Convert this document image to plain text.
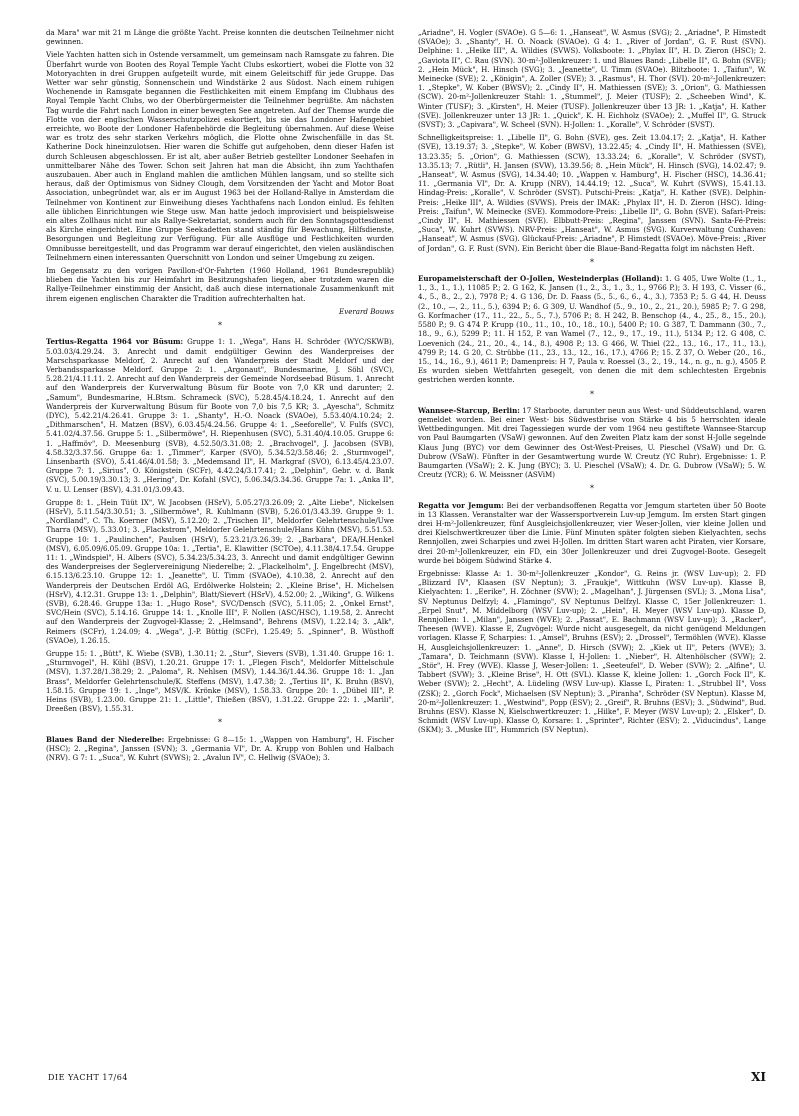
da Mara" war mit 21 m Länge die größte Yacht. Preise konnten die deutschen Teilnehmer nicht gewinnen.

Viele Yachten hatten sich in Ostende versammelt, um gemeinsam nach Ramsgate zu fahren. Die Überfahrt wurde von Booten des Royal Temple Yacht Clubs eskortiert, wobei die Flotte von 32 Motoryachten in drei Gruppen aufgeteilt wurde, mit einem Geleitschiff für jede Gruppe. Das Wetter war sehr günstig, Sonnenschein und Windstärke 2 aus Südost. Nach einem ruhigen Wochenende in Ramsgate begannen die Festlichkeiten mit einem Empfang im Clubhaus des Royal Temple Yacht Clubs, wo der Oberbürgermeister die Teilnehmer begrüßte. Am nächsten Tag wurde die Fahrt nach London in einer bewegten See angetreten. Auf der Themse wurde die Flotte von der englischen Wasserschutzpolizei eskortiert, bis sie das Londoner Hafengebiet erreichte, wo Boote der Londoner Hafenbehörde die Begleitung übernahmen. Auf diese Weise war es trotz des sehr starken Verkehrs möglich, die Flotte ohne Zwischenfälle in das St. Katherine Dock hineinzulotsen. Hier waren die Schiffe gut aufgehoben, denn dieser Hafen ist durch Schleusen abgeschlossen. Er ist alt, aber außer Betrieb gestellter Londoner Seehafen in unmittelbarer Nähe des Tower. Schon seit Jahren hat man die Absicht, ihn zum Yachthafen auszubauen. Aber auch in England mahlen die amtlichen Mühlen langsam, und so stellte sich heraus, daß der Optimismus von Sidney Clough, dem Vorsitzenden der Yacht and Motor Boat Association, unbegründet war, als er im August 1963 bei der Holland-Rallye in Amsterdam die Teilnehmer von Kontinent zur Einweihung dieses Yachthafens nach London einlud. Es fehlten alle üblichen Einrichtungen wie Stege usw. Man hatte jedoch improvisiert und beispielsweise ein altes Zollhaus nicht nur als Rallye-Sekretariat, sondern auch für den Sonntagsgottesdienst als Kirche eingerichtet. Eine Gruppe Seekadetten stand ständig für Bewachung, Hilfsdienste, Besorgungen und Begleitung zur Verfügung. Für alle Ausflüge und Festlichkeiten wurden Omnibusse bereitgestellt, und das Programm war derauf eingerichtet, den vielen ausländischen Teilnehmern einen interessanten Querschnitt von London und seiner Umgebung zu zeigen.

Im Gegensatz zu den vorigen Pavillon-d'Or-Fahrten (1960 Holland, 1961 Bundesrepublik) blieben die Yachten bis zur Heimfahrt im Besitzungshafen liegen, aber trotzdem waren die Rallye-Teilnehmer einstimmig der Ansicht, daß auch diese internationale Zusammenkunft mit ihrem eigenen englischen Charakter die Tradition aufrechterhalten hat.

Everard Bouws

*

Tertius-Regatta 1964 vor Büsum: Gruppe 1: 1. „Wega", Hans H. Schröder (WYC/SKWB), 5.03.03/4.29.24. 3. Anrecht und damit endgültiger Gewinn des Wanderpreises der Marschsparkasse Meldorf, 2. Anrecht auf den Wanderpreis der Stadt Meldorf und der Verbandssparkasse Meldorf. Gruppe 2: 1. „Argonaut", Bundesmarine, J. Söhl (SVC), 5.28.21/4.11.11. 2. Anrecht auf den Wanderpreis der Gemeinde Nordseebad Büsum. 1. Anrecht auf den Wanderpreis der Kurverwaltung Büsum für Boote von 7,0 KR und darunter; 2. „Samum", Bundesmarine, H.Btsm. Schrameck (SVC), 5.28.45/4.18.24, 1. Anrecht auf den Wanderpreis der Kurverwaltung Büsum für Boote von 7,0 bis 7,5 KR; 3. „Ayescha", Schmitz (DYC), 5.42.21/4.26.41. Gruppe 3: 1. „Shanty", H.-O. Noack (SVAOe), 5.53.40/4.10.24; 2. „Dithmarschen", H. Matzen (BSV), 6.03.45/4.24.56. Gruppe 4: 1. „Seeforelle", V. Fulfs (SVC), 5.41.02/4.37.56. Gruppe 5: 1. „Silbermöwe", H. Riepenhusen (SVC), 5.31.40/4.10.05. Gruppe 6: 1. „Haffmöv", D. Meesenburg (SVB), 4.52.50/3.31.08; 2. „Brachvogel", J. Jacobsen (SVB), 4.58.32/3.37.56. Gruppe 6a: 1. „Timmer", Karper (SVO), 5.34.52/3.58.46; 2. „Sturmvogel", Linsenbarth (SVO), 5.41.46/4.01.58; 3. „Medemsand II", H. Markgraf (SVO), 6.13.45/4.23.07. Gruppe 7: 1. „Sirius", O. Königstein (SCFr), 4.42.24/3.17.41; 2. „Delphin", Gebr. v. d. Bank (SVC), 5.00.19/3.30.13; 3. „Hering", Dr. Kofahl (SVC), 5.06.34/3.34.36. Gruppe 7a: 1. „Anka II", V. u. U. Lenser (BSV), 4.31.01/3.09.43.

Gruppe 8: 1. „Hein Tüüt IX", W. Jacobsen (HSrV), 5.05.27/3.26.09; 2. „Alte Liebe", Nickelsen (HSrV), 5.11.54/3.30.51; 3. „Silbermöwe", R. Kuhlmann (SVB), 5.26.01/3.43.39. Gruppe 9: 1. „Nordland", C. Th. Koerner (MSV), 5.12.20; 2. „Trischen II", Meldorfer Gelehrtenschule/Uwe Tharra (MSV), 5.33.01; 3. „Flackstrom", Meldorfer Gelehrtenschule/Hans Kühn (MSV), 5.51.53. Gruppe 10: 1. „Paulinchen", Paulsen (HSrV), 5.23.21/3.26.39; 2. „Barbara", DEA/H.Henkel (MSV), 6.05.09/6.05.09. Gruppe 10a: 1. „Tertia", E. Klawitter (SCTOe), 4.11.38/4.17.54. Gruppe 11: 1. „Windspiel", H. Albers (SVC), 5.34.23/5.34.23, 3. Anrecht und damit endgültiger Gewinn des Wanderpreises der Seglervereinigung Niederelbe; 2. „Flackelholm", J. Engelbrecht (MSV), 6.15.13/6.23.10. Gruppe 12: 1. „Jeanette", U. Timm (SVAOe), 4.10.38, 2. Anrecht auf den Wanderpreis der Deutschen Erdöl AG, Erdölwerke Holstein; 2. „Kleine Brise", H. Michelsen (HSrV), 4.12.31. Gruppe 13: 1. „Delphin", Blatt/Sievert (HSrV), 4.52.00; 2. „Wiking", G. Wilkens (SVB), 6.28.46. Gruppe 13a: 1. „Hugo Rose", SVC/Densch (SVC), 5.11.05; 2. „Onkel Ernst", SVC/Hein (SVC), 5.14.16. Gruppe 14: 1. „Knolle III", F. Nollen (ASC/HSC), 1.19.58, 2. Anrecht auf den Wanderpreis der Zugvogel-Klasse; 2. „Helmsand", Behrens (MSV), 1.22.14; 3. „Alk", Reimers (SCFr), 1.24.09; 4. „Wega", J.-P. Büttig (SCFr), 1.25.49; 5. „Spinner", B. Wüsthoff (SVAOe), 1.26.15.

Gruppe 15: 1. „Bütt", K. Wiebe (SVB), 1.30.11; 2. „Stur", Sievers (SVB), 1.31.40. Gruppe 16: 1. „Sturmvogel", H. Kühl (BSV), 1.20.21. Gruppe 17: 1. „Flegen Fisch", Meldorfer Mittelschule (MSV), 1.37.28/1.38.29; 2. „Paloma", R. Nehlsen (MSV), 1.44.36/1.44.36. Gruppe 18: 1. „Jan Brass", Meldorfer Gelehrtenschule/K. Steffens (MSV), 1.47.38; 2. „Tertius II", K. Bruhn (BSV), 1.58.15. Gruppe 19: 1. „Inge", MSV/K. Krönke (MSV), 1.58.33. Gruppe 20: 1. „Dübel III", P. Heins (SVB), 1.23.00. Gruppe 21: 1. „Little", Thießen (BSV), 1.31.22. Gruppe 22: 1. „Marili", Dreeßen (BSV), 1.55.31.

*

Blaues Band der Niederelbe: Ergebnisse: G 8—15: 1. „Wappen von Hamburg", H. Fischer (HSC); 2. „Regina", Janssen (SVN); 3. „Germania VI", Dr. A. Krupp von Bohlen und Halbach (NRV). G 7: 1. „Suca", W. Kuhrt (SVWS); 2. „Avalun IV", C. Hellwig (SVAOe); 3.

„Ariadne", H. Vogler (SVAOe). G 5—6: 1. „Hanseat", W. Asmus (SVG); 2. „Ariadne", P. Himstedt (SVAOe); 3. „Shanty", H. O. Noack (SVAOe). G 4: 1. „River of Jordan", G. F. Rust (SVN). Delphine: 1. „Heike III", A. Wildies (SVWS). Volksboote: 1. „Phylax II", H. D. Zieron (HSC); 2. „Gaviota II", C. Rau (SVN). 30-m²-Jollenkreuzer: 1. und Blaues Band: „Libelle II", G. Bohn (SVE); 2. „Hein Mück", H. Hinsch (SVG); 3. „Jeanette", U. Timm (SVAOe). Blitzboote: 1. „Taifun", W. Meinecke (SVE); 2. „Königin", A. Zoller (SVE); 3. „Rasmus", H. Thor (SVI). 20-m²-Jollenkreuzer: 1. „Stepke", W. Kober (BWSV); 2. „Cindy II", H. Mathiessen (SVE); 3. „Orion", G. Mathiessen (SCW). 20-m²-Jollenkreuzer Stahl: 1. „Stummel", J. Meier (TUSF); 2. „Scheeben Wind", K. Winter (TUSF); 3. „Kirsten", H. Meier (TUSF). Jollenkreuzer über 13 JR: 1. „Katja", H. Kather (SVE). Jollenkreuzer unter 13 JR: 1. „Quick", K. H. Eichholz (SVAOe); 2. „Muffel II", G. Struck (SVST); 3. „Capivara", W. Scheel (SVN). H-Jollen: 1. „Koralle", V. Schröder (SVST).

Schnelligkeitspreise: 1. „Libelle II", G. Bohn (SVE), ges. Zeit 13.04.17; 2. „Katja", H. Kather (SVE), 13.19.37; 3. „Stepke", W. Kober (BWSV), 13.22.45; 4. „Cindy II", H. Mathiessen (SVE), 13.23.35; 5. „Orion", G. Mathiessen (SCW), 13.33.24; 6. „Koralle", V. Schröder (SVST), 13.35.13; 7. „Rütli", H. Jansen (SVW), 13.39.56; 8. „Hein Mück", H. Hinsch (SVG), 14.02.47; 9. „Hanseat", W. Asmus (SVG), 14.34.40; 10. „Wappen v. Hamburg", H. Fischer (HSC), 14.36.41; 11. „Germania VI", Dr. A. Krupp (NRV), 14.44.19; 12. „Suca", W. Kuhrt (SVWS), 15.41.13. Hindag-Preis: „Koralle", V. Schröder (SVST). Putschi-Preis: „Katja", H. Kather (SVE). Delphin-Preis: „Heike III", A. Wildies (SVWS). Preis der IMAK: „Phylax II", H. D. Zieron (HSC). Iding-Preis: „Taifun", W. Meinecke (SVE). Kommodore-Preis: „Libelle II", G. Bohn (SVE). Safari-Preis: „Cindy II", H. Mathiessen (SVE). Elbbutt-Preis: „Regina", Janssen (SVN). Santa-Fé-Preis: „Suca", W. Kuhrt (SVWS). NRV-Preis: „Hanseat", W. Asmus (SVG). Kurverwaltung Cuxhaven: „Hanseat", W. Asmus (SVG). Glückauf-Preis: „Ariadne", P. Himstedt (SVAOe). Möve-Preis: „River of Jordan", G. F. Rust (SVN). Ein Bericht über die Blaue-Band-Regatta folgt im nächsten Heft.

*

Europameisterschaft der O-Jollen, Westeinderplas (Holland): 1. G 405, Uwe Wolte (1., 1., 1., 3., 1., 1.), 11085 P.; 2. G 162, K. Jansen (1., 2., 3., 1., 3., 1., 9766 P.); 3. H 193, C. Visser (6., 4., 5., 8., 2., 2.), 7978 P.; 4. G 136, Dr. D. Faass (5., 5., 6., 6., 4., 3.), 7353 P.; 5. G 44, H. Deuss (2., 10., —, 2., 11., 5.), 6394 P.; 6. G 309, U. Wandhof (5., 9., 10., 2., 21., 20.), 5985 P.; 7. G 298, G. Korfmacher (17., 11., 22., 5., 5., 7.), 5706 P.; 8. H 242, B. Benschop (4., 4., 25., 8., 15., 20.), 5580 P.; 9. G 474 P. Krupp (10., 11., 10., 10., 18., 10.), 5400 P.; 10. G 387, T. Dammann (30., 7., 18., 9., 6.), 5299 P.; 11. H 152, P. van Wamel (7., 12., 9., 17., 19., 11.), 5134 P.; 12. G 408, C. Loevenich (24., 21., 20., 4., 14., 8.), 4908 P.; 13. G 466, W. Thiel (22., 13., 16., 17., 11., 13.), 4799 P.; 14. G 20, C. Strübbe (11., 23., 13., 12., 16., 17.), 4766 P.; 15. Z 37, O. Weber (20., 16., 15., 14., 16., 9.), 4611 P.; Damenpreis: H 7, Paula v. Roessel (3., 2., 19., 14., n. g., n. g.), 4505 P. Es wurden sieben Wettfahrten gesegelt, von denen die mit dem schlechtesten Ergebnis gestrichen werden konnte.

*

Wannsee-Starcup, Berlin: 17 Starboote, darunter neun aus West- und Süddeutschland, waren gemeldet worden. Bei einer West- bis Südwestbrise von Stärke 4 bis 5 herrschten ideale Wettbedingungen. Mit drei Tagessiegen wurde der vom 1964 neu gestiftete Wannsee-Starcup von Paul Baumgarten (VSaW) gewonnen. Auf den Zweiten Platz kam der sonst H-Jolle segelnde Klaus Jung (BYC) vor dem Gewinner des Ost-West-Preises, U. Pieschel (VSaW) und Dr. G. Dubrow (VSaW). Fünfter in der Gesamtwertung wurde W. Creutz (YC Ruhr). Ergebnisse: 1. P. Baumgarten (VSaW); 2. K. Jung (BYC); 3. U. Pieschel (VSaW); 4. Dr. G. Dubrow (VSaW); 5. W. Creutz (YCR); 6. W. Meissner (ASViM)

*

Regatta vor Jemgum: Bei der verbandsoffenen Regatta vor Jemgum starteten über 50 Boote in 13 Klassen. Veranstalter war der Wassersportverein Luv-up Jemgum. Im ersten Start gingen drei H-m²-Jollenkreuzer, fünf Ausgleichsjollenkreuzer, vier Weser-Jollen, vier kleine Jollen und drei Kielschwertkreuzer über die Linie. Fünf Minuten später folgten sieben Kielyachten, sechs Rennjollen, zwei Scharpies und zwei H-Jollen. Im dritten Start waren acht Piraten, vier Korsare, drei 20-m²-Jollenkreuzer, ein FD, ein 30er Jollenkreuzer und drei Zugvogel-Boote. Gesegelt wurde bei böigem Südwind Stärke 4.

Ergebnisse: Klasse A: 1. 30-m²-Jollenkreuzer „Kondor", G. Reins jr. (WSV Luv-up); 2. FD „Blizzard IV", Klaasen (SV Neptun); 3. „Fraukje", Wittkuhn (WSV Luv-up). Klasse B, Kielyachten: 1. „Eerike", H. Zöchner (SVW); 2. „Magelhan", J. Jürgensen (SVL); 3. „Mona Lisa", SV Neptunus Delfzyl; 4. „Flamingo", SV Neptunus Delfzyl. Klasse C, 15er Jollenkreuzer: 1. „Erpel Snut", M. Middelborg (WSV Luv-up); 2. „Hein", H. Meyer (WSV Luv-up). Klasse D, Rennjollen: 1. „Milan", Janssen (WVE); 2. „Passat", E. Bachmann (WSV Luv-up); 3. „Racker", Theesen (WVE). Klasse E, Zugvögel: Wurde nicht ausgesegelt, da nicht genügend Meldungen vorlagen. Klasse F, Scharpies: 1. „Amsel", Bruhns (ESV); 2. „Drossel", Termöhlen (WVE). Klasse H, Ausgleichsjollenkreuzer: 1. „Anne", D. Hirsch (SVW); 2. „Kiek ut II", Peters (WVE); 3. „Tamara", D. Teichmann (SVW). Klasse I, H-Jollen: 1. „Nieber", H. Altenhölscher (SVW); 2. „Stör", H. Frey (WVE). Klasse J, Weser-Jollen: 1. „Seeteufel", D. Weber (SVW); 2. „Alfine", U. Tabbert (SVW); 3. „Kleine Brise", H. Ott (SVL). Klasse K, kleine Jollen: 1. „Gorch Fock II", K. Weber (SVW); 2. „Hecht", A. Lüdeling (WSV Luv-up). Klasse L, Piraten: 1. „Strubbel II", Voss (ZSK); 2. „Gorch Fock", Michaelsen (SV Neptun); 3. „Piranha", Schröder (SV Neptun). Klasse M, 20-m²-Jollenkreuzer: 1. „Westwind", Popp (ESV); 2. „Greif", R. Bruhns (ESV); 3. „Südwind", Bud. Bruhns (ESV). Klasse N, Kielschwertkreuzer: 1. „Hilke", F. Meyer (WSV Luv-up); 2. „Elsker", D. Schmidt (WSV Luv-up). Klasse O, Korsare: 1. „Sprinter", Richter (ESV); 2. „Viducindus", Lange (SKM); 3. „Muske III", Hummrich (SV Neptun).

DIE YACHT 17/64	XI
